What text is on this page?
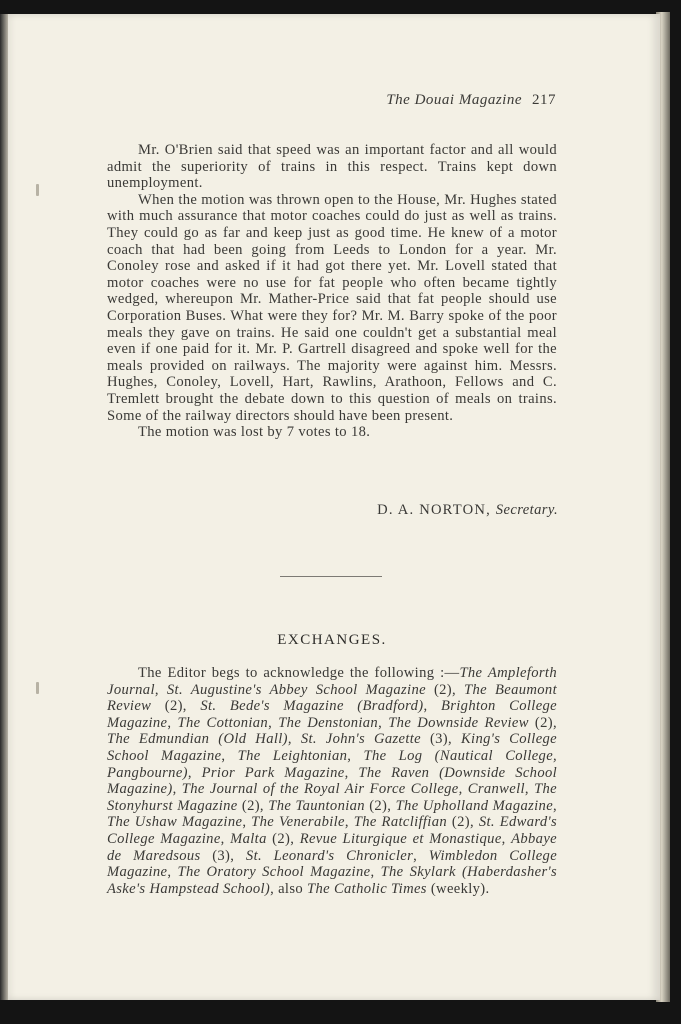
The Douai Magazine 217

Mr. O'Brien said that speed was an important factor and all would admit the superiority of trains in this respect. Trains kept down unemployment.

When the motion was thrown open to the House, Mr. Hughes stated with much assurance that motor coaches could do just as well as trains. They could go as far and keep just as good time. He knew of a motor coach that had been going from Leeds to London for a year. Mr. Conoley rose and asked if it had got there yet. Mr. Lovell stated that motor coaches were no use for fat people who often became tightly wedged, whereupon Mr. Mather-Price said that fat people should use Corporation Buses. What were they for? Mr. M. Barry spoke of the poor meals they gave on trains. He said one couldn't get a substantial meal even if one paid for it. Mr. P. Gartrell disagreed and spoke well for the meals provided on railways. The majority were against him. Messrs. Hughes, Conoley, Lovell, Hart, Rawlins, Arathoon, Fellows and C. Tremlett brought the debate down to this question of meals on trains. Some of the railway directors should have been present.

The motion was lost by 7 votes to 18.

D. A. NORTON, Secretary.
EXCHANGES.

The Editor begs to acknowledge the following :—The Ampleforth Journal, St. Augustine's Abbey School Magazine (2), The Beaumont Review (2), St. Bede's Magazine (Bradford), Brighton College Magazine, The Cottonian, The Denstonian, The Downside Review (2), The Edmundian (Old Hall), St. John's Gazette (3), King's College School Magazine, The Leightonian, The Log (Nautical College, Pangbourne), Prior Park Magazine, The Raven (Downside School Magazine), The Journal of the Royal Air Force College, Cranwell, The Stonyhurst Magazine (2), The Tauntonian (2), The Upholland Magazine, The Ushaw Magazine, The Venerabile, The Ratcliffian (2), St. Edward's College Magazine, Malta (2), Revue Liturgique et Monastique, Abbaye de Maredsous (3), St. Leonard's Chronicler, Wimbledon College Magazine, The Oratory School Magazine, The Skylark (Haberdasher's Aske's Hampstead School), also The Catholic Times (weekly).
